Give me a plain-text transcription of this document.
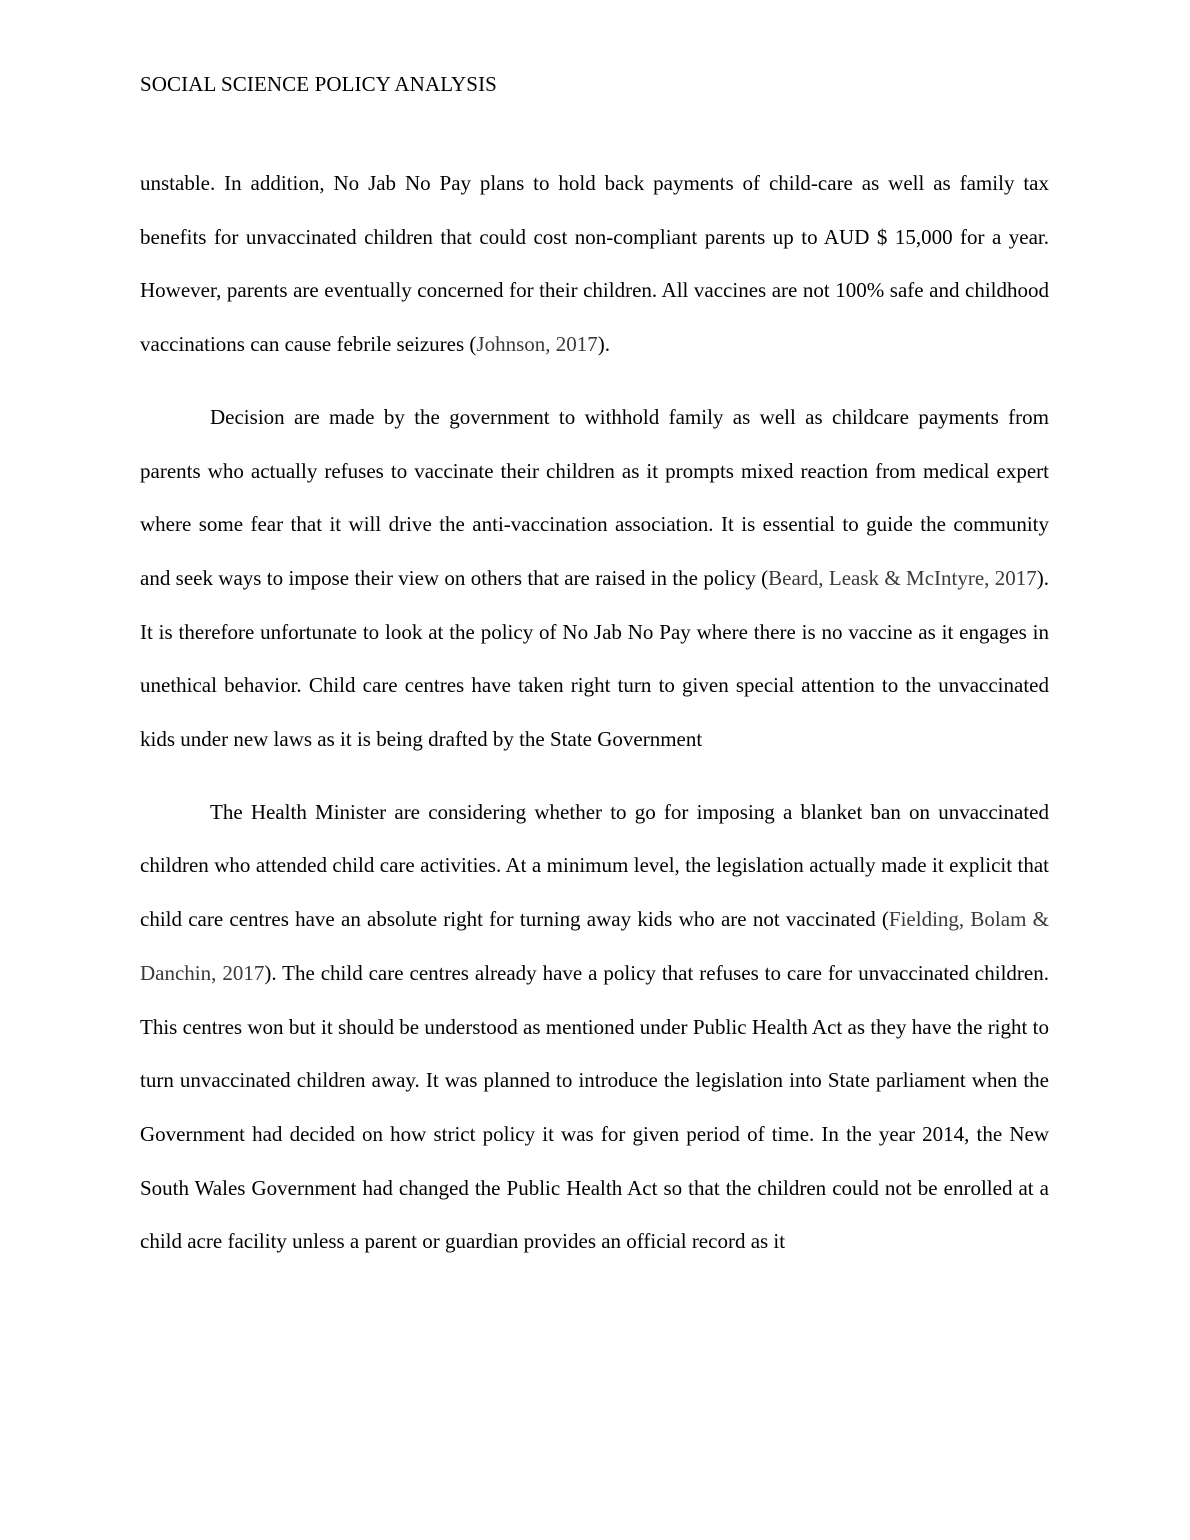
SOCIAL SCIENCE POLICY ANALYSIS

unstable. In addition, No Jab No Pay plans to hold back payments of child-care as well as family tax benefits for unvaccinated children that could cost non-compliant parents up to AUD $ 15,000 for a year. However, parents are eventually concerned for their children. All vaccines are not 100% safe and childhood vaccinations can cause febrile seizures (Johnson, 2017).

Decision are made by the government to withhold family as well as childcare payments from parents who actually refuses to vaccinate their children as it prompts mixed reaction from medical expert where some fear that it will drive the anti-vaccination association. It is essential to guide the community and seek ways to impose their view on others that are raised in the policy (Beard, Leask & McIntyre, 2017). It is therefore unfortunate to look at the policy of No Jab No Pay where there is no vaccine as it engages in unethical behavior. Child care centres have taken right turn to given special attention to the unvaccinated kids under new laws as it is being drafted by the State Government

The Health Minister are considering whether to go for imposing a blanket ban on unvaccinated children who attended child care activities. At a minimum level, the legislation actually made it explicit that child care centres have an absolute right for turning away kids who are not vaccinated (Fielding, Bolam & Danchin, 2017). The child care centres already have a policy that refuses to care for unvaccinated children. This centres won but it should be understood as mentioned under Public Health Act as they have the right to turn unvaccinated children away. It was planned to introduce the legislation into State parliament when the Government had decided on how strict policy it was for given period of time. In the year 2014, the New South Wales Government had changed the Public Health Act so that the children could not be enrolled at a child acre facility unless a parent or guardian provides an official record as it
